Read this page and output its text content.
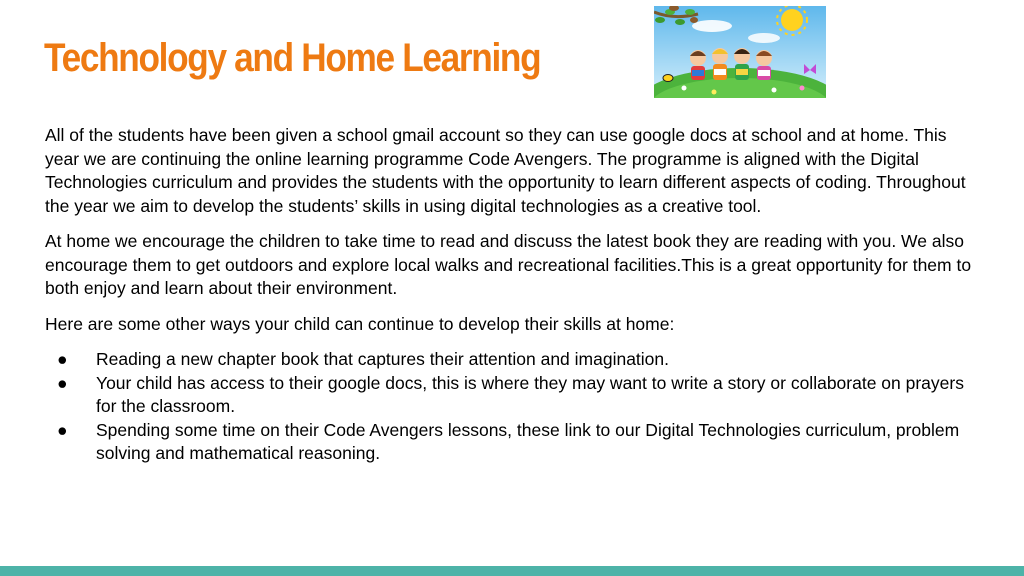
Technology and Home Learning

All of the students have been given a school gmail account so they can use google docs at school and at home. This year we are continuing the online learning programme Code Avengers. The programme is aligned with the Digital Technologies curriculum and provides the students with the opportunity to learn different aspects of coding. Throughout the year we aim to develop the students’ skills in using digital technologies as a creative tool.

At home we encourage the children to take time to read and discuss the latest book they are reading with you. We also encourage them to get outdoors and explore local walks and recreational facilities.This is a great opportunity for them to both enjoy and learn about their environment.

Here are some other ways your child can continue to develop their skills at home:

● Reading a new chapter book that captures their attention and imagination.
● Your child has access to their google docs, this is where they may want to write a story or collaborate on prayers for the classroom.
● Spending some time on their Code Avengers lessons, these link to our Digital Technologies curriculum, problem solving and mathematical reasoning.
